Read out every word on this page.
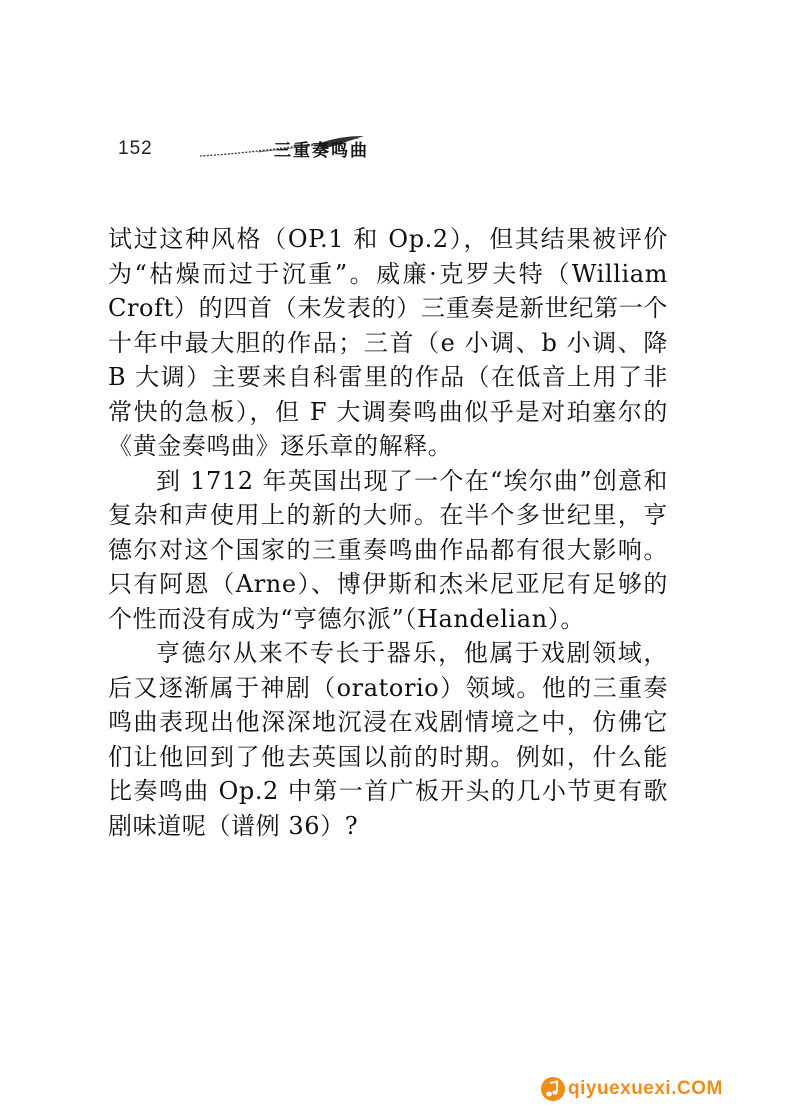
152	三重奏鸣曲

试过这种风格（OP.1 和 Op.2），但其结果被评价为“枯燥而过于沉重”。威廉·克罗夫特（William Croft）的四首（未发表的）三重奏是新世纪第一个十年中最大胆的作品；三首（e 小调、b 小调、降 B 大调）主要来自科雷里的作品（在低音上用了非常快的急板），但 F 大调奏鸣曲似乎是对珀塞尔的《黄金奏鸣曲》逐乐章的解释。

到 1712 年英国出现了一个在“埃尔曲”创意和复杂和声使用上的新的大师。在半个多世纪里，亨德尔对这个国家的三重奏鸣曲作品都有很大影响。只有阿恩（Arne）、博伊斯和杰米尼亚尼有足够的个性而没有成为“亨德尔派”（Handelian）。

亨德尔从来不专长于器乐，他属于戏剧领域，后又逐渐属于神剧（oratorio）领域。他的三重奏鸣曲表现出他深深地沉浸在戏剧情境之中，仿佛它们让他回到了他去英国以前的时期。例如，什么能比奏鸣曲 Op.2 中第一首广板开头的几小节更有歌剧味道呢（谱例 36）?

qiyuexuexi.COM
